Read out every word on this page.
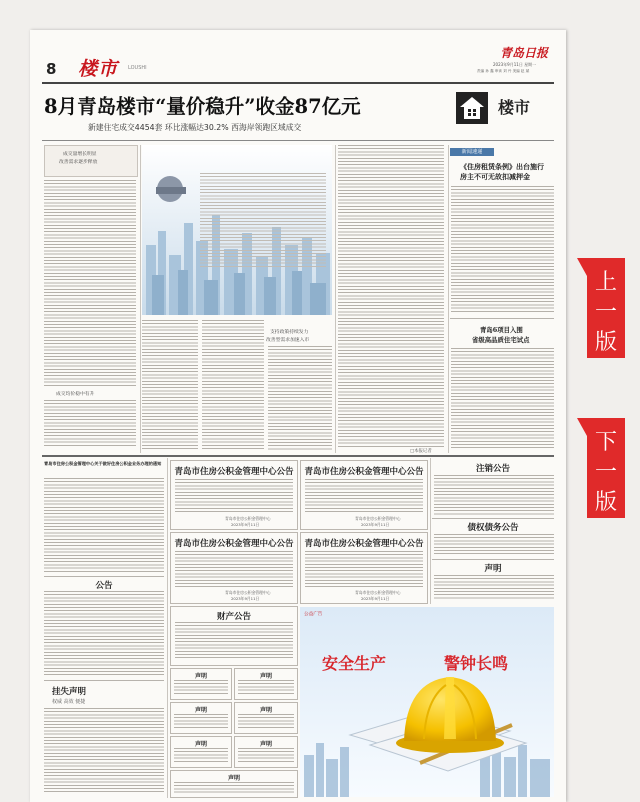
8 楼市 LOUSHI
青岛日报
2023年9月11日 星期一
责编 孙 鑫 审读 刘 丹 美编 赵 斌
8月青岛楼市“量价稳升”收金87亿元
新建住宅成交4454套 环比涨幅达30.2% 西海岸领跑区域成交
楼市
成交量增长明显
改善需求逐步释放
成交均价稳中有升
支持政策持续发力
改善型需求加速入市
□本报记者
新闻速递
《住房租赁条例》出台施行
房主不可无故扣减押金
青岛6项目入围
省级高品质住宅试点
青岛市住房公积金管理中心关于做好住房公积金业务办理的通知
公告
挂失声明
权威 高效 便捷
青岛市住房公积金管理中心公告
青岛市住房公积金管理中心
2023年9月11日
青岛市住房公积金管理中心公告
青岛市住房公积金管理中心
2023年9月11日
青岛市住房公积金管理中心公告
青岛市住房公积金管理中心
2023年9月11日
青岛市住房公积金管理中心公告
青岛市住房公积金管理中心
2023年9月11日
财产公告
声明	声明
声明	声明
声明	声明
声明
注销公告
债权债务公告
声明
公益广告
安全生产	警钟长鸣
上一版
下一版
